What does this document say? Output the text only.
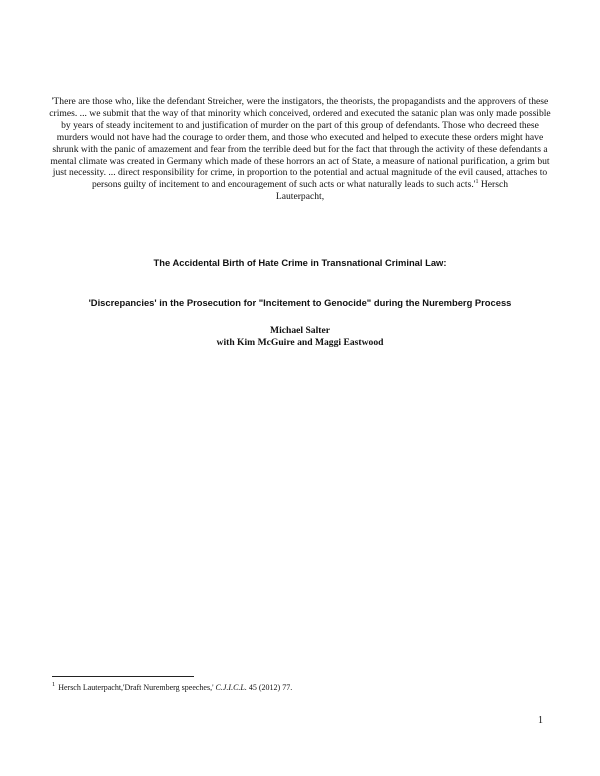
'There are those who, like the defendant Streicher, were the instigators, the theorists, the propagandists and the approvers of these crimes. ... we submit that the way of that minority which conceived, ordered and executed the satanic plan was only made possible by years of steady incitement to and justification of murder on the part of this group of defendants. Those who decreed these murders would not have had the courage to order them, and those who executed and helped to execute these orders might have shrunk with the panic of amazement and fear from the terrible deed but for the fact that through the activity of these defendants a mental climate was created in Germany which made of these horrors an act of State, a measure of national purification, a grim but just necessity. ... direct responsibility for crime, in proportion to the potential and actual magnitude of the evil caused, attaches to persons guilty of incitement to and encouragement of such acts or what naturally leads to such $acts.'^1$ Hersch
Lauterpacht,

The Accidental Birth of Hate Crime in Transnational Criminal Law:

'Discrepancies' in the Prosecution for "Incitement to Genocide" during the Nuremberg Process

Michael Salter
with Kim McGuire and Maggi Eastwood

$^1$ Hersch Lauterpacht,'Draft Nuremberg speeches,' C.J.I.C.L. 45 (2012) 77.

1
